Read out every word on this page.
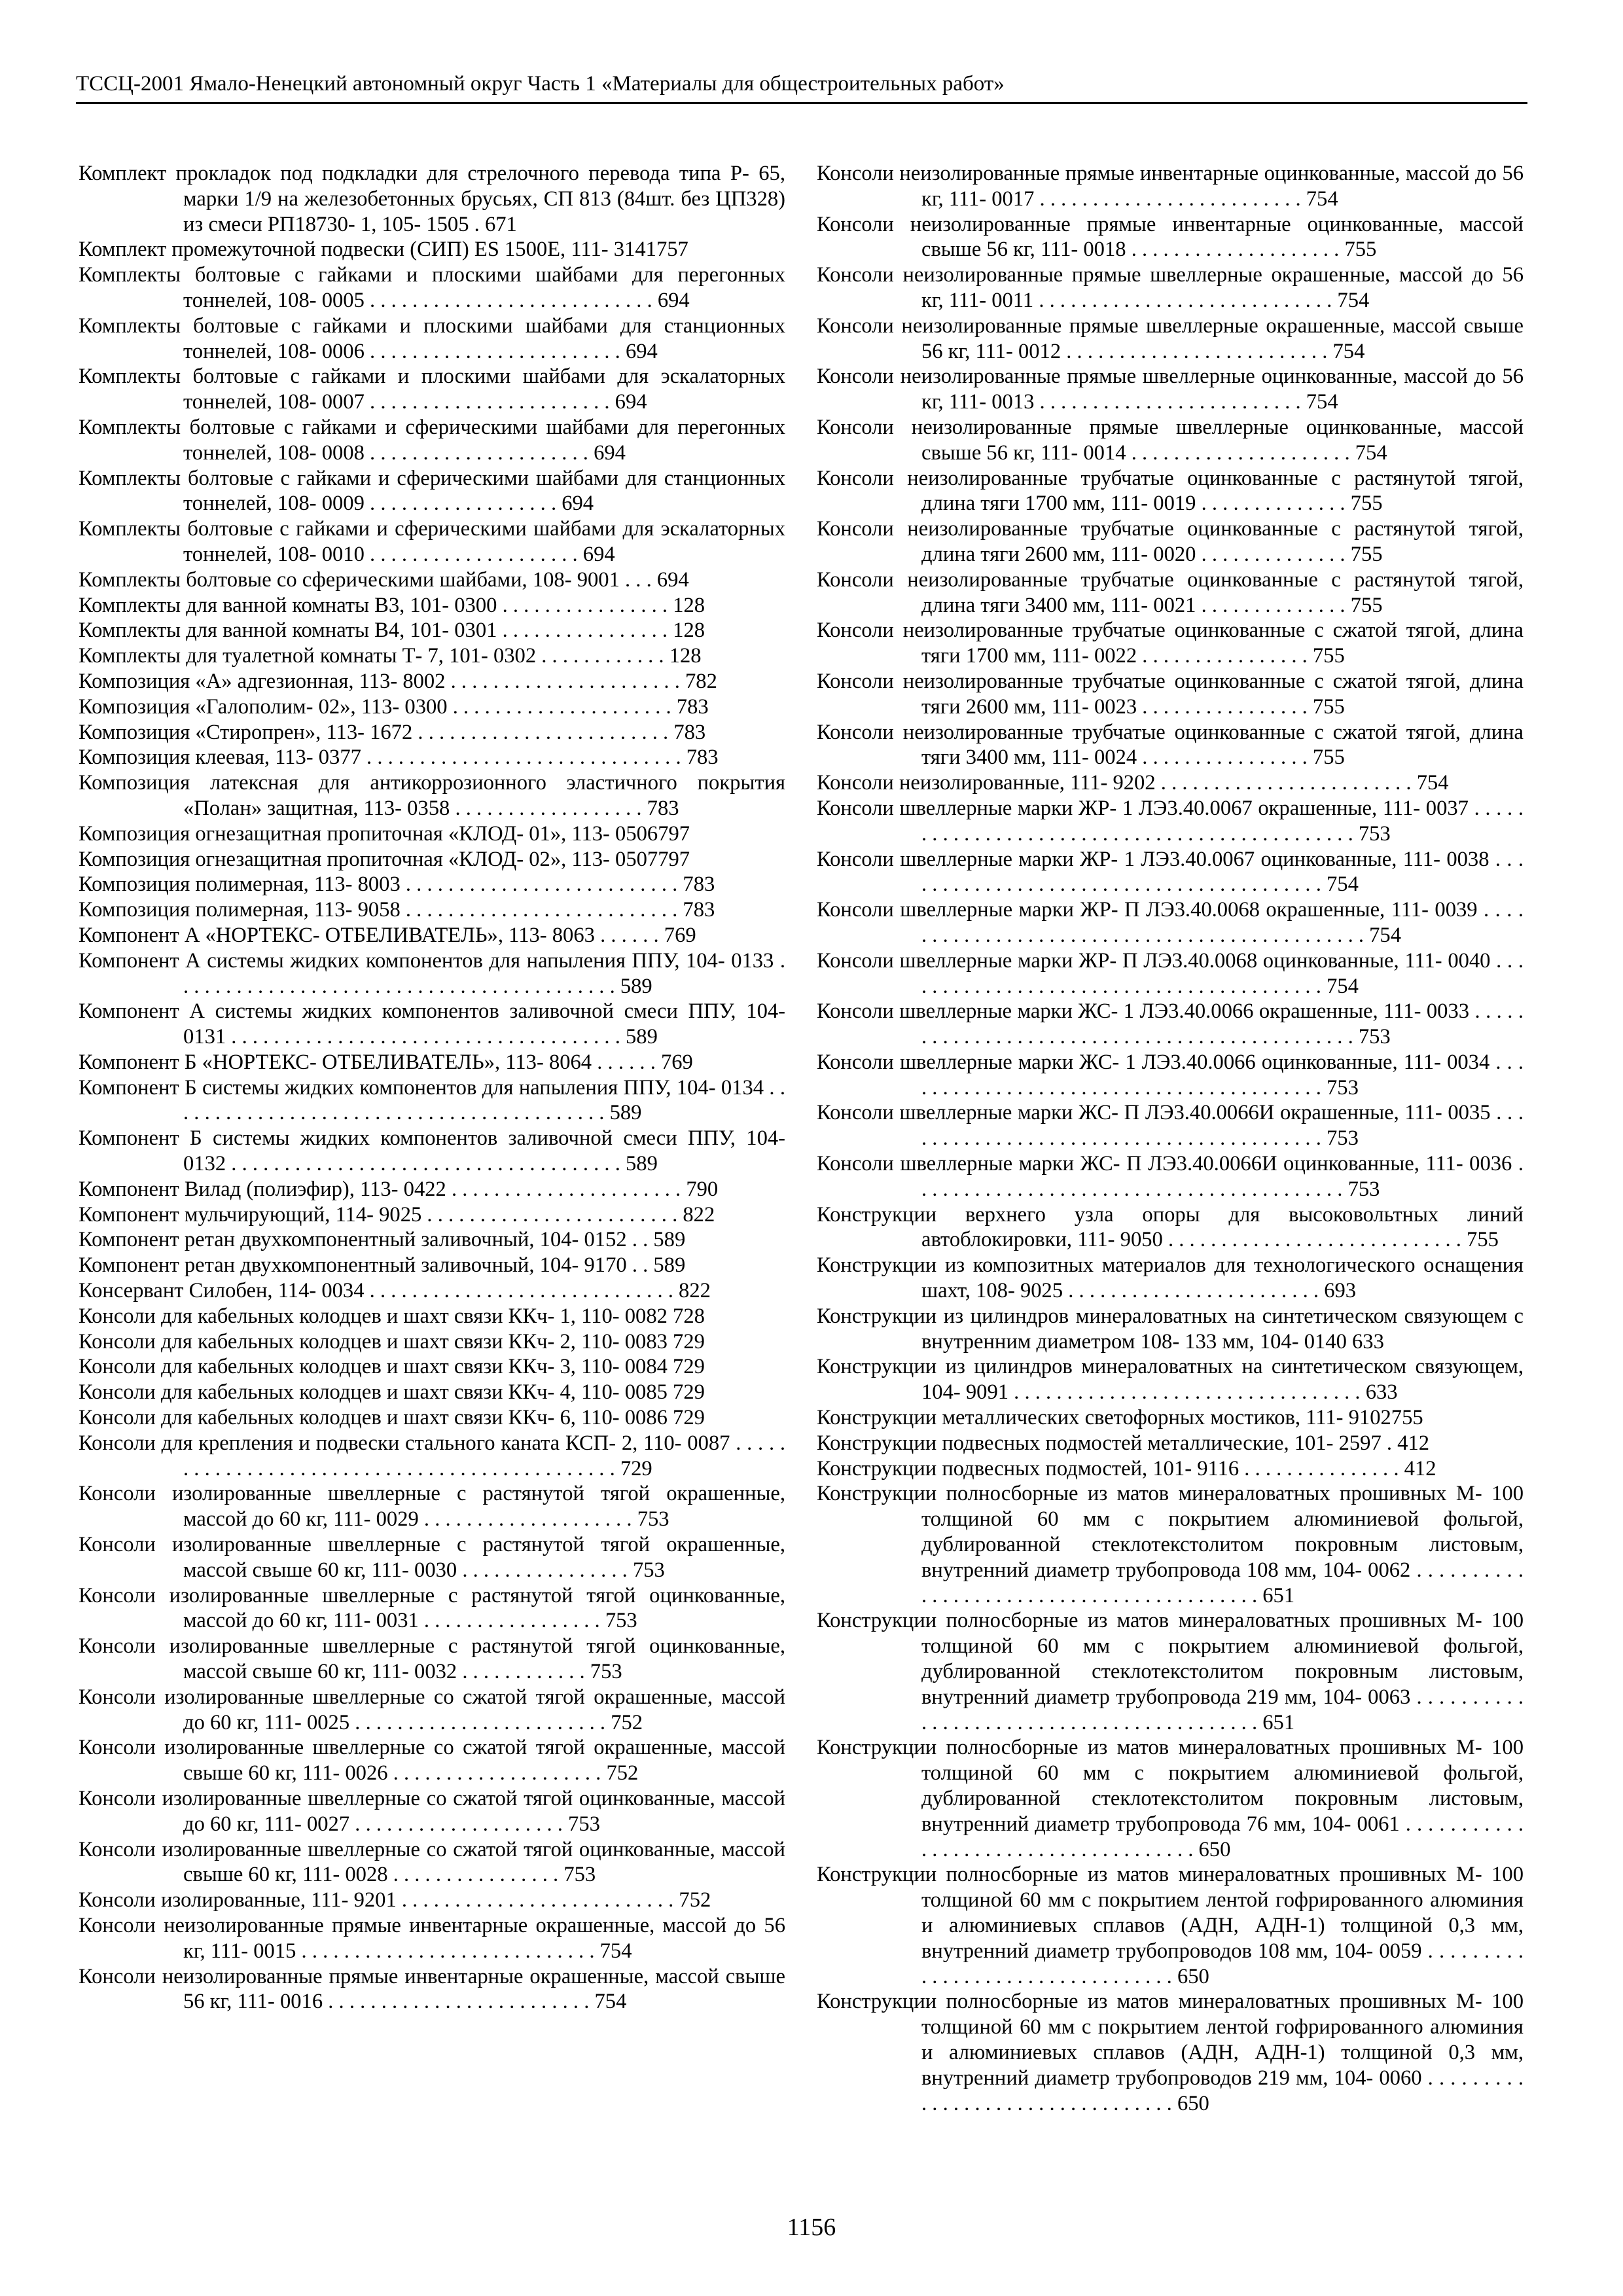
ТССЦ-2001 Ямало-Ненецкий автономный округ Часть 1 «Материалы для общестроительных работ»
Комплект прокладок под подкладки для стрелочного перевода типа Р- 65, марки 1/9 на железобетонных брусьях, СП 813 (84шт. без ЦП328) из смеси РП18730- 1, 105- 1505 . 671
Комплект промежуточной подвески (СИП) ES 1500E, 111- 3141757
Комплекты болтовые с гайками и плоскими шайбами для перегонных тоннелей, 108- 0005 . . . . . . . . . . . . . . . . . . . . . . . . . . . 694
Комплекты болтовые с гайками и плоскими шайбами для станционных тоннелей, 108- 0006 . . . . . . . . . . . . . . . . . . . . . . . . 694
Комплекты болтовые с гайками и плоскими шайбами для эскалаторных тоннелей, 108- 0007 . . . . . . . . . . . . . . . . . . . . . . . 694
Комплекты болтовые с гайками и сферическими шайбами для перегонных тоннелей, 108- 0008 . . . . . . . . . . . . . . . . . . . . . 694
Комплекты болтовые с гайками и сферическими шайбами для станционных тоннелей, 108- 0009 . . . . . . . . . . . . . . . . . . 694
Комплекты болтовые с гайками и сферическими шайбами для эскалаторных тоннелей, 108- 0010 . . . . . . . . . . . . . . . . . . . . 694
Комплекты болтовые со сферическими шайбами, 108- 9001 . . . 694
Комплекты для ванной комнаты В3, 101- 0300 . . . . . . . . . . . . . . . . 128
Комплекты для ванной комнаты В4, 101- 0301 . . . . . . . . . . . . . . . . 128
Комплекты для туалетной комнаты Т- 7, 101- 0302 . . . . . . . . . . . . 128
Композиция «А» адгезионная, 113- 8002 . . . . . . . . . . . . . . . . . . . . . . 782
Композиция «Галополим- 02», 113- 0300 . . . . . . . . . . . . . . . . . . . . . 783
Композиция «Стиропрен», 113- 1672 . . . . . . . . . . . . . . . . . . . . . . . . 783
Композиция клеевая, 113- 0377 . . . . . . . . . . . . . . . . . . . . . . . . . . . . . . 783
Композиция латексная для антикоррозионного эластичного покрытия «Полан» защитная, 113- 0358 . . . . . . . . . . . . . . . . . . 783
Композиция огнезащитная пропиточная «КЛОД- 01», 113- 0506797
Композиция огнезащитная пропиточная «КЛОД- 02», 113- 0507797
Композиция полимерная, 113- 8003 . . . . . . . . . . . . . . . . . . . . . . . . . . 783
Композиция полимерная, 113- 9058 . . . . . . . . . . . . . . . . . . . . . . . . . . 783
Компонент А «НОРТЕКС- ОТБЕЛИВАТЕЛЬ», 113- 8063 . . . . . . 769
Компонент А системы жидких компонентов для напыления ППУ, 104- 0133 . . . . . . . . . . . . . . . . . . . . . . . . . . . . . . . . . . . . . . . . . . 589
Компонент А системы жидких компонентов заливочной смеси ППУ, 104- 0131 . . . . . . . . . . . . . . . . . . . . . . . . . . . . . . . . . . . . . 589
Компонент Б «НОРТЕКС- ОТБЕЛИВАТЕЛЬ», 113- 8064 . . . . . . 769
Компонент Б системы жидких компонентов для напыления ППУ, 104- 0134 . . . . . . . . . . . . . . . . . . . . . . . . . . . . . . . . . . . . . . . . . . 589
Компонент Б системы жидких компонентов заливочной смеси ППУ, 104- 0132 . . . . . . . . . . . . . . . . . . . . . . . . . . . . . . . . . . . . . 589
Компонент Вилад (полиэфир), 113- 0422 . . . . . . . . . . . . . . . . . . . . . . 790
Компонент мульчирующий, 114- 9025 . . . . . . . . . . . . . . . . . . . . . . . . 822
Компонент ретан двухкомпонентный заливочный, 104- 0152 . . 589
Компонент ретан двухкомпонентный заливочный, 104- 9170 . . 589
Консервант Силобен, 114- 0034 . . . . . . . . . . . . . . . . . . . . . . . . . . . . . 822
Консоли для кабельных колодцев и шахт связи ККч- 1, 110- 0082 728
Консоли для кабельных колодцев и шахт связи ККч- 2, 110- 0083 729
Консоли для кабельных колодцев и шахт связи ККч- 3, 110- 0084 729
Консоли для кабельных колодцев и шахт связи ККч- 4, 110- 0085 729
Консоли для кабельных колодцев и шахт связи ККч- 6, 110- 0086 729
Консоли для крепления и подвески стального каната КСП- 2, 110- 0087 . . . . . . . . . . . . . . . . . . . . . . . . . . . . . . . . . . . . . . . . . . . . . . 729
Консоли изолированные швеллерные с растянутой тягой окрашенные, массой до 60 кг, 111- 0029 . . . . . . . . . . . . . . . . . . . . 753
Консоли изолированные швеллерные с растянутой тягой окрашенные, массой свыше 60 кг, 111- 0030 . . . . . . . . . . . . . . . . 753
Консоли изолированные швеллерные с растянутой тягой оцинкованные, массой до 60 кг, 111- 0031 . . . . . . . . . . . . . . . . . 753
Консоли изолированные швеллерные с растянутой тягой оцинкованные, массой свыше 60 кг, 111- 0032 . . . . . . . . . . . . 753
Консоли изолированные швеллерные со сжатой тягой окрашенные, массой до 60 кг, 111- 0025 . . . . . . . . . . . . . . . . . . . . . . . . 752
Консоли изолированные швеллерные со сжатой тягой окрашенные, массой свыше 60 кг, 111- 0026 . . . . . . . . . . . . . . . . . . . . 752
Консоли изолированные швеллерные со сжатой тягой оцинкованные, массой до 60 кг, 111- 0027 . . . . . . . . . . . . . . . . . . . . 753
Консоли изолированные швеллерные со сжатой тягой оцинкованные, массой свыше 60 кг, 111- 0028 . . . . . . . . . . . . . . . . 753
Консоли изолированные, 111- 9201 . . . . . . . . . . . . . . . . . . . . . . . . . . 752
Консоли неизолированные прямые инвентарные окрашенные, массой до 56 кг, 111- 0015 . . . . . . . . . . . . . . . . . . . . . . . . . . . . 754
Консоли неизолированные прямые инвентарные окрашенные, массой свыше 56 кг, 111- 0016 . . . . . . . . . . . . . . . . . . . . . . . . . 754
Консоли неизолированные прямые инвентарные оцинкованные, массой до 56 кг, 111- 0017 . . . . . . . . . . . . . . . . . . . . . . . . . 754
Консоли неизолированные прямые инвентарные оцинкованные, массой свыше 56 кг, 111- 0018 . . . . . . . . . . . . . . . . . . . . 755
Консоли неизолированные прямые швеллерные окрашенные, массой до 56 кг, 111- 0011 . . . . . . . . . . . . . . . . . . . . . . . . . . . . 754
Консоли неизолированные прямые швеллерные окрашенные, массой свыше 56 кг, 111- 0012 . . . . . . . . . . . . . . . . . . . . . . . . . 754
Консоли неизолированные прямые швеллерные оцинкованные, массой до 56 кг, 111- 0013 . . . . . . . . . . . . . . . . . . . . . . . . . 754
Консоли неизолированные прямые швеллерные оцинкованные, массой свыше 56 кг, 111- 0014 . . . . . . . . . . . . . . . . . . . . . 754
Консоли неизолированные трубчатые оцинкованные с растянутой тягой, длина тяги 1700 мм, 111- 0019 . . . . . . . . . . . . . . 755
Консоли неизолированные трубчатые оцинкованные с растянутой тягой, длина тяги 2600 мм, 111- 0020 . . . . . . . . . . . . . . 755
Консоли неизолированные трубчатые оцинкованные с растянутой тягой, длина тяги 3400 мм, 111- 0021 . . . . . . . . . . . . . . 755
Консоли неизолированные трубчатые оцинкованные с сжатой тягой, длина тяги 1700 мм, 111- 0022 . . . . . . . . . . . . . . . . 755
Консоли неизолированные трубчатые оцинкованные с сжатой тягой, длина тяги 2600 мм, 111- 0023 . . . . . . . . . . . . . . . . 755
Консоли неизолированные трубчатые оцинкованные с сжатой тягой, длина тяги 3400 мм, 111- 0024 . . . . . . . . . . . . . . . . 755
Консоли неизолированные, 111- 9202 . . . . . . . . . . . . . . . . . . . . . . . . 754
Консоли швеллерные марки ЖР- 1 ЛЭ3.40.0067 окрашенные, 111- 0037 . . . . . . . . . . . . . . . . . . . . . . . . . . . . . . . . . . . . . . . . . . . . . . 753
Консоли швеллерные марки ЖР- 1 ЛЭ3.40.0067 оцинкованные, 111- 0038 . . . . . . . . . . . . . . . . . . . . . . . . . . . . . . . . . . . . . . . . . 754
Консоли швеллерные марки ЖР- П ЛЭ3.40.0068 окрашенные, 111- 0039 . . . . . . . . . . . . . . . . . . . . . . . . . . . . . . . . . . . . . . . . . . . . . . 754
Консоли швеллерные марки ЖР- П ЛЭ3.40.0068 оцинкованные, 111- 0040 . . . . . . . . . . . . . . . . . . . . . . . . . . . . . . . . . . . . . . . . . 754
Консоли швеллерные марки ЖС- 1 ЛЭ3.40.0066 окрашенные, 111- 0033 . . . . . . . . . . . . . . . . . . . . . . . . . . . . . . . . . . . . . . . . . . . . . . 753
Консоли швеллерные марки ЖС- 1 ЛЭ3.40.0066 оцинкованные, 111- 0034 . . . . . . . . . . . . . . . . . . . . . . . . . . . . . . . . . . . . . . . . . 753
Консоли швеллерные марки ЖС- П ЛЭ3.40.0066И окрашенные, 111- 0035 . . . . . . . . . . . . . . . . . . . . . . . . . . . . . . . . . . . . . . . . . 753
Консоли швеллерные марки ЖС- П ЛЭ3.40.0066И оцинкованные, 111- 0036 . . . . . . . . . . . . . . . . . . . . . . . . . . . . . . . . . . . . . . . . . 753
Конструкции верхнего узла опоры для высоковольтных линий автоблокировки, 111- 9050 . . . . . . . . . . . . . . . . . . . . . . . . . . . . 755
Конструкции из композитных материалов для технологического оснащения шахт, 108- 9025 . . . . . . . . . . . . . . . . . . . . . . . . 693
Конструкции из цилиндров минераловатных на синтетическом связующем с внутренним диаметром 108- 133 мм, 104- 0140 633
Конструкции из цилиндров минераловатных на синтетическом связующем, 104- 9091 . . . . . . . . . . . . . . . . . . . . . . . . . . . . . . . . . 633
Конструкции металлических светофорных мостиков, 111- 9102755
Конструкции подвесных подмостей металлические, 101- 2597 . 412
Конструкции подвесных подмостей, 101- 9116 . . . . . . . . . . . . . . . 412
Конструкции полносборные из матов минераловатных прошивных М- 100 толщиной 60 мм с покрытием алюминиевой фольгой, дублированной стеклотекстолитом покровным листовым, внутренний диаметр трубопровода 108 мм, 104- 0062 . . . . . . . . . . . . . . . . . . . . . . . . . . . . . . . . . . . . . . . . . . 651
Конструкции полносборные из матов минераловатных прошивных М- 100 толщиной 60 мм с покрытием алюминиевой фольгой, дублированной стеклотекстолитом покровным листовым, внутренний диаметр трубопровода 219 мм, 104- 0063 . . . . . . . . . . . . . . . . . . . . . . . . . . . . . . . . . . . . . . . . . . 651
Конструкции полносборные из матов минераловатных прошивных М- 100 толщиной 60 мм с покрытием алюминиевой фольгой, дублированной стеклотекстолитом покровным листовым, внутренний диаметр трубопровода 76 мм, 104- 0061 . . . . . . . . . . . . . . . . . . . . . . . . . . . . . . . . . . . . . 650
Конструкции полносборные из матов минераловатных прошивных М- 100 толщиной 60 мм с покрытием лентой гофрированного алюминия и алюминиевых сплавов (АДН, АДН-1) толщиной 0,3 мм, внутренний диаметр трубопроводов 108 мм, 104- 0059 . . . . . . . . . . . . . . . . . . . . . . . . . . . . . . . . . 650
Конструкции полносборные из матов минераловатных прошивных М- 100 толщиной 60 мм с покрытием лентой гофрированного алюминия и алюминиевых сплавов (АДН, АДН-1) толщиной 0,3 мм, внутренний диаметр трубопроводов 219 мм, 104- 0060 . . . . . . . . . . . . . . . . . . . . . . . . . . . . . . . . . 650
1156
